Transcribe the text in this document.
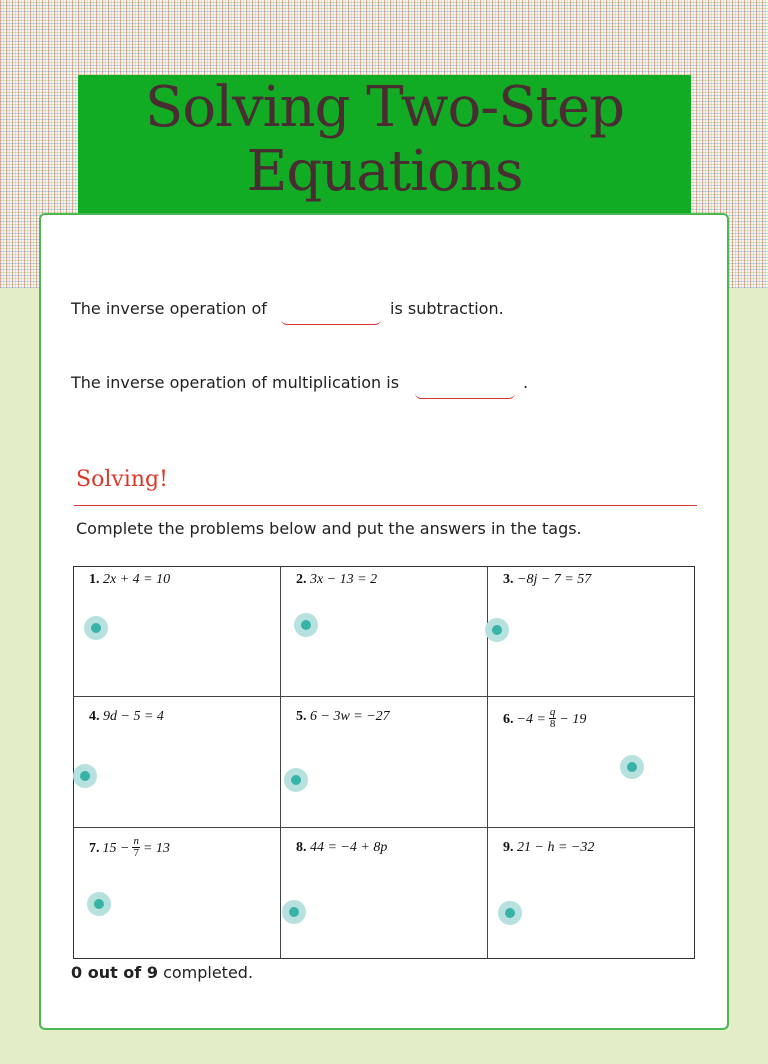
Solving Two-Step Equations
The inverse operation of	is subtraction.
The inverse operation of multiplication is	.
Solving!
Complete the problems below and put the answers in the tags.
1. 2x + 4 = 10	2. 3x − 13 = 2	3. −8j − 7 = 57
4. 9d − 5 = 4	5. 6 − 3w = −27	6. $-4 = \frac{q}{8} - 19$
7. $15 - \frac{n}{7} = 13$	8. 44 = −4 + 8p	9. 21 − h = −32
0 out of 9 completed.
